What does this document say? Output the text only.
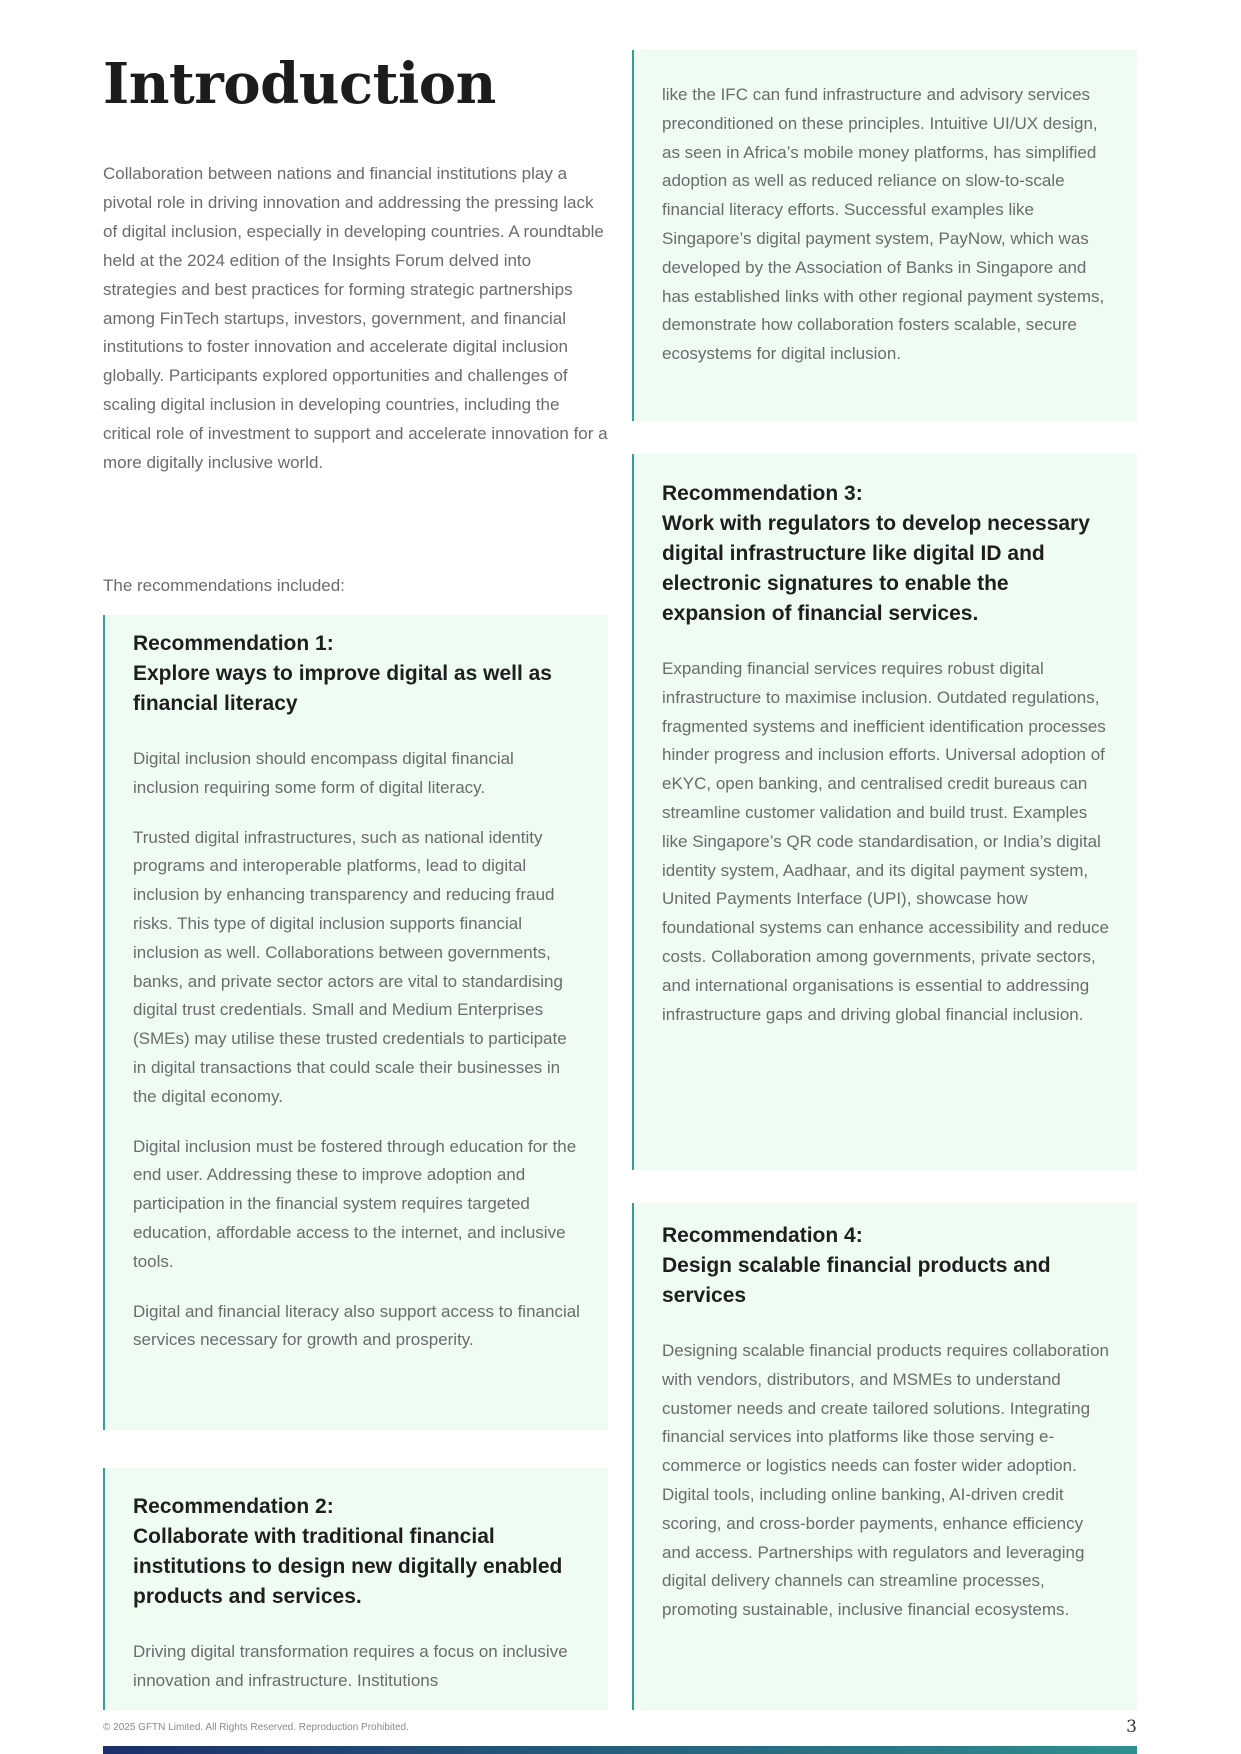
Introduction

Collaboration between nations and financial institutions play a pivotal role in driving innovation and addressing the pressing lack of digital inclusion, especially in developing countries. A roundtable held at the 2024 edition of the Insights Forum delved into strategies and best practices for forming strategic partnerships among FinTech startups, investors, government, and financial institutions to foster innovation and accelerate digital inclusion globally. Participants explored opportunities and challenges of scaling digital inclusion in developing countries, including the critical role of investment to support and accelerate innovation for a more digitally inclusive world.

The recommendations included:

Recommendation 1:
Explore ways to improve digital as well as financial literacy

Digital inclusion should encompass digital financial inclusion requiring some form of digital literacy.

Trusted digital infrastructures, such as national identity programs and interoperable platforms, lead to digital inclusion by enhancing transparency and reducing fraud risks. This type of digital inclusion supports financial inclusion as well. Collaborations between governments, banks, and private sector actors are vital to standardising digital trust credentials. Small and Medium Enterprises (SMEs) may utilise these trusted credentials to participate in digital transactions that could scale their businesses in the digital economy.

Digital inclusion must be fostered through education for the end user. Addressing these to improve adoption and participation in the financial system requires targeted education, affordable access to the internet, and inclusive tools.

Digital and financial literacy also support access to financial services necessary for growth and prosperity.

Recommendation 2:
Collaborate with traditional financial institutions to design new digitally enabled products and services.

Driving digital transformation requires a focus on inclusive innovation and infrastructure. Institutions

like the IFC can fund infrastructure and advisory services preconditioned on these principles. Intuitive UI/UX design, as seen in Africa’s mobile money platforms, has simplified adoption as well as reduced reliance on slow-to-scale financial literacy efforts. Successful examples like Singapore’s digital payment system, PayNow, which was developed by the Association of Banks in Singapore and has established links with other regional payment systems, demonstrate how collaboration fosters scalable, secure ecosystems for digital inclusion.

Recommendation 3:
Work with regulators to develop necessary digital infrastructure like digital ID and electronic signatures to enable the expansion of financial services.

Expanding financial services requires robust digital infrastructure to maximise inclusion. Outdated regulations, fragmented systems and inefficient identification processes hinder progress and inclusion efforts. Universal adoption of eKYC, open banking, and centralised credit bureaus can streamline customer validation and build trust. Examples like Singapore’s QR code standardisation, or India’s digital identity system, Aadhaar, and its digital payment system, United Payments Interface (UPI), showcase how foundational systems can enhance accessibility and reduce costs. Collaboration among governments, private sectors, and international organisations is essential to addressing infrastructure gaps and driving global financial inclusion.

Recommendation 4:
Design scalable financial products and services

Designing scalable financial products requires collaboration with vendors, distributors, and MSMEs to understand customer needs and create tailored solutions. Integrating financial services into platforms like those serving e-commerce or logistics needs can foster wider adoption. Digital tools, including online banking, AI-driven credit scoring, and cross-border payments, enhance efficiency and access. Partnerships with regulators and leveraging digital delivery channels can streamline processes, promoting sustainable, inclusive financial ecosystems.

© 2025 GFTN Limited. All Rights Reserved. Reproduction Prohibited.	3
